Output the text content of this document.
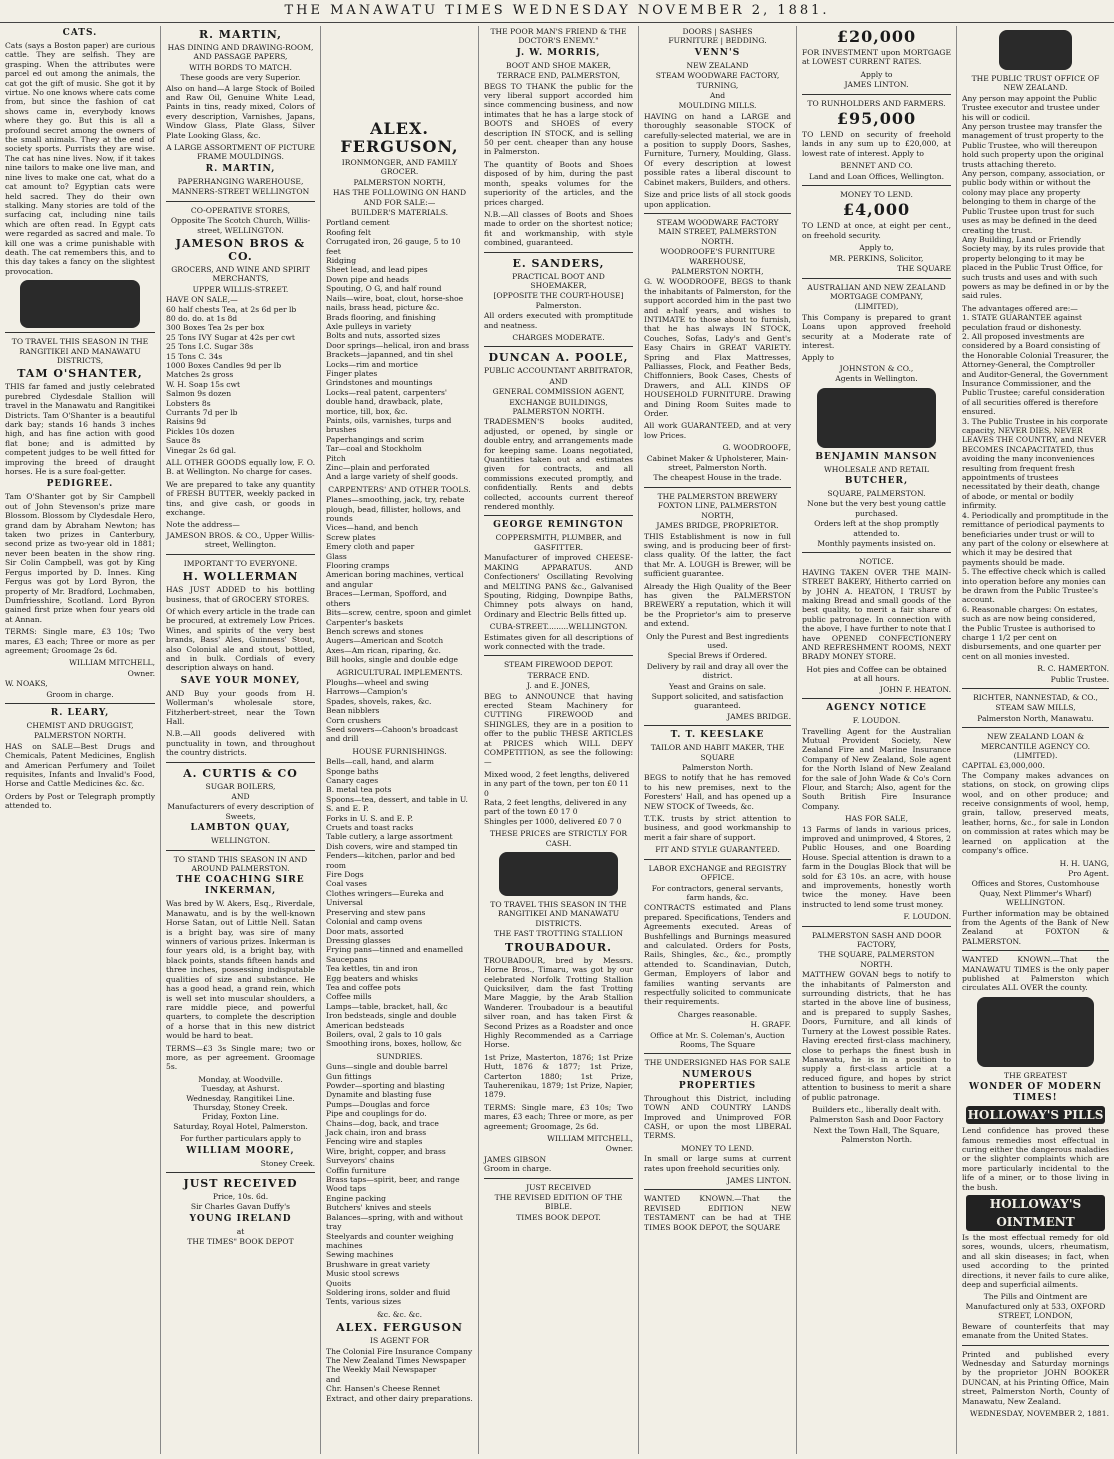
THE MANAWATU TIMES WEDNESDAY NOVEMBER 2, 1881.
CATS.
Cats (says a Boston paper) are curious cattle. They are selfish. They are grasping. When the attributes were parcel ed out among the animals, the cat got the gift of music. She got it by virtue. No one knows where cats come from, but since the fashion of cat shows came in, everybody knows where they go. But this is all a profound secret among the owners of the small animals. They at the end of society sports. Purrists they are wise. The cat has nine lives. Now, if it takes nine tailors to make one live man, and nine lives to make one cat, what do a cat amount to? Egyptian cats were held sacred. They do their own stalking. Many stories are told of the surfacing cat, including nine tails which are often read. In Egypt cats were regarded as sacred and male. To kill one was a crime punishable with death. The cat remembers this, and to this day takes a fancy on the slightest provocation.
TO TRAVEL THIS SEASON IN THE RANGITIKEI AND MANAWATU DISTRICTS,
TAM O'SHANTER,
THIS far famed and justly celebrated purebred Clydesdale Stallion will travel in the Manawatu and Rangitikei Districts. Tam O'Shanter is a beautiful dark bay; stands 16 hands 3 inches high, and has fine action with good flat bone; and is admitted by competent judges to be well fitted for improving the breed of draught horses. He is a sure foal-getter.
PEDIGREE.
Tam O'Shanter got by Sir Campbell out of John Stevenson's prize mare Blossom. Blossom by Clydesdale Hero, grand dam by Abraham Newton; has taken two prizes in Canterbury, second prize as two-year old in 1881; never been beaten in the show ring. Sir Colin Campbell, was got by King Fergus imported by D. Innes. King Fergus was got by Lord Byron, the property of Mr. Bradford, Lochmaben, Dumfriesshire, Scotland. Lord Byron gained first prize when four years old at Annan.
TERMS: Single mare, £3 10s; Two mares, £3 each; Three or more as per agreement; Groomage 2s 6d.
WILLIAM MITCHELL,
Owner.
W. NOAKS,
Groom in charge.
R. LEARY,
CHEMIST AND DRUGGIST,
PALMERSTON NORTH.
HAS on SALE—Best Drugs and Chemicals, Patent Medicines, English and American Perfumery and Toilet requisites, Infants and Invalid's Food, Horse and Cattle Medicines &c. &c.
Orders by Post or Telegraph promptly attended to.
R. MARTIN,
HAS DINING AND DRAWING-ROOM, AND PASSAGE PAPERS,
WITH BORDS TO MATCH.
These goods are very Superior.
Also on hand—A large Stock of Boiled and Raw Oil, Genuine White Lead, Paints in tins, ready mixed, Colors of every description, Varnishes, Japans, Window Glass, Plate Glass, Silver Plate Looking Glass, &c.
A LARGE ASSORTMENT OF PICTURE FRAME MOULDINGS.
R. MARTIN,
PAPERHANGING WAREHOUSE,
MANNERS-STREET WELLINGTON
CO-OPERATIVE STORES,
Opposite The Scotch Church, Willis-street, WELLINGTON.
JAMESON BROS & CO.
GROCERS, AND WINE AND SPIRIT MERCHANTS,
UPPER WILLIS-STREET.
HAVE ON SALE,—
60 half chests Tea, at 2s 6d per lb
80 do. do. at 1s 8d
300 Boxes Tea 2s per box
25 Tons IVY Sugar at 42s per cwt
25 Tons I.C. Sugar 38s
15 Tons C. 34s
1000 Boxes Candles 9d per lb
Matches 2s gross
W. H. Soap 15s cwt
Salmon 9s dozen
Lobsters 8s
Currants 7d per lb
Raisins 9d
Pickles 10s dozen
Sauce 8s
Vinegar 2s 6d gal.
ALL OTHER GOODS equally low, F. O. B. at Wellington. No charge for cases.
We are prepared to take any quantity of FRESH BUTTER, weekly packed in tins, and give cash, or goods in exchange.
Note the address—
JAMESON BROS. & CO., Upper Willis-street, Wellington.
IMPORTANT TO EVERYONE.
H. WOLLERMAN
HAS JUST ADDED to his bottling business, that of GROCERY STORES.
Of which every article in the trade can be procured, at extremely Low Prices. Wines, and spirits of the very best brands, Bass' Ales, Guinness' Stout, also Colonial ale and stout, bottled, and in bulk. Cordials of every description always on hand.
SAVE YOUR MONEY,
AND Buy your goods from H. Wollerman's wholesale store, Fitzherbert-street, near the Town Hall.
N.B.—All goods delivered with punctuality in town, and throughout the country districts.
A. CURTIS & CO
SUGAR BOILERS,
AND
Manufacturers of every description of Sweets,
LAMBTON QUAY,
WELLINGTON.
TO STAND THIS SEASON IN AND AROUND PALMERSTON.
THE COACHING SIRE INKERMAN,
Was bred by W. Akers, Esq., Riverdale, Manawatu, and is by the well-known Horse Satan, out of Little Nell. Satan is a bright bay, was sire of many winners of various prizes. Inkerman is four years old, is a bright bay, with black points, stands fifteen hands and three inches, possessing indisputable qualities of size and substance. He has a good head, a grand rein, which is well set into muscular shoulders, a rare middle piece, and powerful quarters, to complete the description of a horse that in this new district would be hard to beat.
TERMS—£3 3s Single mare; two or more, as per agreement. Groomage 5s.
Monday, at Woodville.
Tuesday, at Ashurst.
Wednesday, Rangitikei Line.
Thursday, Stoney Creek.
Friday, Foxton Line.
Saturday, Royal Hotel, Palmerston.
For further particulars apply to
WILLIAM MOORE,
Stoney Creek.
JUST RECEIVED
Price, 10s. 6d.
Sir Charles Gavan Duffy's
YOUNG IRELAND
at
THE TIMES" BOOK DEPOT
ALEX. FERGUSON,
IRONMONGER, AND FAMILY GROCER.
PALMERSTON NORTH,
HAS THE FOLLOWING ON HAND AND FOR SALE:—
BUILDER'S MATERIALS.
Portland cement
Roofing felt
Corrugated iron, 26 gauge, 5 to 10 feet
Ridging
Sheet lead, and lead pipes
Down pipe and heads
Spouting, O G, and half round
Nails—wire, boat, clout, horse-shoe nails, brass head, picture &c.
Brads flooring, and finishing
Axle pulleys in variety
Bolts and nuts, assorted sizes
Door springs—helical, iron and brass
Brackets—japanned, and tin shel
Locks—rim and mortice
Finger plates
Grindstones and mountings
Locks—real patent, carpenters' double hand, drawback, plate, mortice, till, box, &c.
Paints, oils, varnishes, turps and brushes
Paperhangings and scrim
Tar—coal and Stockholm
Pitch
Zinc—plain and perforated
And a large variety of shelf goods.
CARPENTERS' AND OTHER TOOLS.
Planes—smoothing, jack, try, rebate plough, bead, fillister, hollows, and rounds
Vices—hand, and bench
Screw plates
Emery cloth and paper
Glass
Flooring cramps
American boring machines, vertical and angular
Braces—Lerman, Spofford, and others
Bits—screw, centre, spoon and gimlet
Carpenter's baskets
Bench screws and stones
Augers—American and Scotch
Axes—Am rican, riparing, &c.
Bill hooks, single and double edge
AGRICULTURAL IMPLEMENTS.
Ploughs—wheel and swing
Harrows—Campion's
Spades, shovels, rakes, &c.
Bean nibblers
Corn crushers
Seed sowers—Cahoon's broadcast and drill
HOUSE FURNISHINGS.
Bells—call, hand, and alarm
Sponge baths
Canary cages
B. metal tea pots
Spoons—tea, dessert, and table in U. S. and E. P.
Forks in U. S. and E. P.
Cruets and toast racks
Table cutlery, a large assortment
Dish covers, wire and stamped tin
Fenders—kitchen, parlor and bed room
Fire Dogs
Coal vases
Clothes wringers—Eureka and Universal
Preserving and stew pans
Colonial and camp ovens
Door mats, assorted
Dressing glasses
Frying pans—tinned and enamelled
Saucepans
Tea kettles, tin and iron
Egg beaters and whisks
Tea and coffee pots
Coffee mills
Lamps—table, bracket, hall, &c
Iron bedsteads, single and double
American bedsteads
Boilers, oval, 2 gals to 10 gals
Smoothing irons, boxes, hollow, &c
SUNDRIES.
Guns—single and double barrel
Gun fittings
Powder—sporting and blasting
Dynamite and blasting fuse
Pumps—Douglas and force
Pipe and couplings for do.
Chains—dog, back, and trace
Jack chain, iron and brass
Fencing wire and staples
Wire, bright, copper, and brass
Surveyors' chains
Coffin furniture
Brass taps—spirit, beer, and range
Wood taps
Engine packing
Butchers' knives and steels
Balances—spring, with and without tray
Steelyards and counter weighing machines
Sewing machines
Brushware in great variety
Music stool screws
Quoits
Soldering irons, solder and fluid
Tents, various sizes
&c. &c. &c.
ALEX. FERGUSON
IS AGENT FOR
The Colonial Fire Insurance Company
The New Zealand Times Newspaper
The Weekly Mail Newspaper
and
Chr. Hansen's Cheese Rennet Extract, and other dairy preparations.
THE POOR MAN'S FRIEND & THE DOCTOR'S ENEMY."
J. W. MORRIS,
BOOT AND SHOE MAKER,
TERRACE END, PALMERSTON,
BEGS TO THANK the public for the very liberal support accorded him since commencing business, and now intimates that he has a large stock of BOOTS and SHOES of every description IN STOCK, and is selling 50 per cent. cheaper than any house in Palmerston.
The quantity of Boots and Shoes disposed of by him, during the past month, speaks volumes for the superiority of the articles, and the prices charged.
N.B.—All classes of Boots and Shoes made to order on the shortest notice; fit and workmanship, with style combined, guaranteed.
E. SANDERS,
PRACTICAL BOOT AND SHOEMAKER,
[OPPOSITE THE COURT-HOUSE] Palmerston.
All orders executed with promptitude and neatness.
CHARGES MODERATE.
DUNCAN A. POOLE,
PUBLIC ACCOUNTANT ARBITRATOR,
AND
GENERAL COMMISSION AGENT,
EXCHANGE BUILDINGS, PALMERSTON NORTH.
TRADESMEN'S books audited, adjusted, or opened, by single or double entry, and arrangements made for keeping same. Loans negotiated, Quantities taken out and estimates given for contracts, and all commissions executed promptly, and confidentially. Rents and debts collected, accounts current thereof rendered monthly.
GEORGE REMINGTON
COPPERSMITH, PLUMBER, and GASFITTER.
Manufacturer of improved CHEESE-MAKING APPARATUS. AND Confectioners' Oscillating Revolving and MELTING PANS &c., Galvanised Spouting, Ridging, Downpipe Baths, Chimney pots always on hand, Ordinary and Electric Bells fitted up.
CUBA-STREET.........WELLINGTON.
Estimates given for all descriptions of work connected with the trade.
STEAM FIREWOOD DEPOT.
TERRACE END.
J. and E. JONES,
BEG to ANNOUNCE that having erected Steam Machinery for CUTTING FIREWOOD and SHINGLES, they are in a position to offer to the public THESE ARTICLES at PRICES which WILL DEFY COMPETITION, as see the following:—
Mixed wood, 2 feet lengths, delivered in any part of the town, per ton £0 11 0
Rata, 2 feet lengths, delivered in any part of the town £0 17 0
Shingles per 1000, delivered £0 7 0
THESE PRICES are STRICTLY FOR CASH.
TO TRAVEL THIS SEASON IN THE RANGITIKEI AND MANAWATU DISTRICTS.
THE FAST TROTTING STALLION
TROUBADOUR.
TROUBADOUR, bred by Messrs. Horne Bros., Timaru, was got by our celebrated Norfolk Trotting Stallion Quicksilver, dam the fast Trotting Mare Maggie, by the Arab Stallion Wanderer. Troubadour is a beautiful silver roan, and has taken First & Second Prizes as a Roadster and once Highly Recommended as a Carriage Horse.
1st Prize, Masterton, 1876; 1st Prize Hutt, 1876 & 1877; 1st Prize, Carterton 1880; 1st Prize, Tauherenikau, 1879; 1st Prize, Napier, 1879.
TERMS: Single mare, £3 10s; Two mares, £3 each; Three or more, as per agreement; Groomage, 2s 6d.
WILLIAM MITCHELL,
Owner.
JAMES GIBSON
Groom in charge.
JUST RECEIVED
THE REVISED EDITION OF THE BIBLE.
TIMES BOOK DEPOT.
DOORS | SASHES
FURNITURE | BEDDING.
VENN'S
NEW ZEALAND
STEAM WOODWARE FACTORY, TURNING,
And
MOULDING MILLS.
HAVING on hand a LARGE and thoroughly seasonable STOCK of carefully-selected material, we are in a position to supply Doors, Sashes, Furniture, Turnery, Moulding, Glass. Of every description at lowest possible rates a liberal discount to Cabinet makers, Builders, and others.
Size and price lists of all stock goods upon application.
STEAM WOODWARE FACTORY MAIN STREET, PALMERSTON NORTH.
WOODROOFE'S FURNITURE WAREHOUSE,
PALMERSTON NORTH,
G. W. WOODROOFE, BEGS to thank the inhabitants of Palmerston, for the support accorded him in the past two and a-half years, and wishes to INTIMATE to those about to furnish, that he has always IN STOCK, Couches, Sofas, Lady's and Gent's Easy Chairs in GREAT VARIETY. Spring and Flax Mattresses, Palliasses, Flock, and Feather Beds, Chiffonniers, Book Cases, Chests of Drawers, and ALL KINDS OF HOUSEHOLD FURNITURE. Drawing and Dining Room Suites made to Order.
All work GUARANTEED, and at very low Prices.
G. WOODROOFE,
Cabinet Maker & Upholsterer, Main-street, Palmerston North.
The cheapest House in the trade.
THE PALMERSTON BREWERY FOXTON LINE, PALMERSTON NORTH,
JAMES BRIDGE, PROPRIETOR.
THIS Establishment is now in full swing, and is producing beer of first-class quality. Of the latter, the fact that Mr. A. LOUGH is Brewer, will be sufficient guarantee.
Already the High Quality of the Beer has given the PALMERSTON BREWERY a reputation, which it will be the Proprietor's aim to preserve and extend.
Only the Purest and Best ingredients used.
Special Brews if Ordered.
Delivery by rail and dray all over the district.
Yeast and Grains on sale.
Support solicited, and satisfaction guaranteed.
JAMES BRIDGE.
T. T. KEESLAKE
TAILOR AND HABIT MAKER, THE SQUARE
Palmerston North.
BEGS to notify that he has removed to his new premises, next to the Foresters' Hall, and has opened up a NEW STOCK of Tweeds, &c.
T.T.K. trusts by strict attention to business, and good workmanship to merit a fair share of support.
FIT AND STYLE GUARANTEED.
LABOR EXCHANGE and REGISTRY OFFICE.
For contractors, general servants, farm hands, &c.
CONTRACTS estimated and Plans prepared. Specifications, Tenders and Agreements executed. Areas of Bushfellings and Burnings measured and calculated. Orders for Posts, Rails, Shingles, &c., &c., promptly attended to. Scandinavian, Dutch, German, Employers of labor and families wanting servants are respectfully solicited to communicate their requirements.
Charges reasonable.
H. GRAFF.
Office at Mr. S. Coleman's, Auction Rooms, The Square
THE UNDERSIGNED HAS FOR SALE
NUMEROUS PROPERTIES
Throughout this District, including TOWN AND COUNTRY LANDS Improved and Unimproved FOR CASH, or upon the most LIBERAL TERMS.
MONEY TO LEND.
In small or large sums at current rates upon freehold securities only.
JAMES LINTON.
WANTED KNOWN.—That the REVISED EDITION NEW TESTAMENT can be had at THE TIMES BOOK DEPOT, the SQUARE
£20,000
FOR INVESTMENT upon MORTGAGE at LOWEST CURRENT RATES.
Apply to
JAMES LINTON.
TO RUNHOLDERS AND FARMERS.
£95,000
TO LEND on security of freehold lands in any sum up to £20,000, at lowest rate of interest. Apply to
BENNET AND CO.
Land and Loan Offices, Wellington.
MONEY TO LEND.
£4,000
TO LEND at once, at eight per cent., on freehold security.
Apply to,
MR. PERKINS, Solicitor,
THE SQUARE
AUSTRALIAN AND NEW ZEALAND MORTGAGE COMPANY,
(LIMITED),
This Company is prepared to grant Loans upon approved freehold security at a Moderate rate of interest.
Apply to
JOHNSTON & CO.,
Agents in Wellington.
BENJAMIN MANSON
WHOLESALE AND RETAIL
BUTCHER,
SQUARE, PALMERSTON.
None but the very best young cattle purchased.
Orders left at the shop promptly attended to.
Monthly payments insisted on.
NOTICE.
HAVING TAKEN OVER THE MAIN-STREET BAKERY, Hitherto carried on by JOHN A. HEATON, I TRUST by making Bread and small goods of the best quality, to merit a fair share of public patronage. In connection with the above, I have further to note that I have OPENED CONFECTIONERY AND REFRESHMENT ROOMS, NEXT BRADY MONEY STORE.
Hot pies and Coffee can be obtained at all hours.
JOHN F. HEATON.
AGENCY NOTICE
F. LOUDON.
Travelling Agent for the Australian Mutual Provident Society, New Zealand Fire and Marine Insurance Company of New Zealand, Sole agent for the North Island of New Zealand for the sale of John Wade & Co's Corn Flour, and Starch; Also, agent for the South British Fire Insurance Company.
HAS FOR SALE,
13 Farms of lands in various prices, improved and unimproved, 4 Stores, 2 Public Houses, and one Boarding House. Special attention is drawn to a farm in the Douglas Block that will be sold for £3 10s. an acre, with house and improvements, honestly worth twice the money. Have been instructed to lend some trust money.
F. LOUDON.
PALMERSTON SASH AND DOOR FACTORY,
THE SQUARE, PALMERSTON NORTH.
MATTHEW GOVAN begs to notify to the inhabitants of Palmerston and surrounding districts, that he has started in the above line of business, and is prepared to supply Sashes, Doors, Furniture, and all kinds of Turnery at the Lowest possible Rates. Having erected first-class machinery, close to perhaps the finest bush in Manawatu, he is in a position to supply a first-class article at a reduced figure, and hopes by strict attention to business to merit a share of public patronage.
Builders etc., liberally dealt with.
Palmerston Sash and Door Factory
Next the Town Hall, The Square, Palmerston North.
THE PUBLIC TRUST OFFICE OF NEW ZEALAND.
Any person may appoint the Public Trustee executor and trustee under his will or codicil.
Any person trustee may transfer the management of trust property to the Public Trustee, who will thereupon hold such property upon the original trusts attaching thereto.
Any person, company, association, or public body within or without the colony may place any property belonging to them in charge of the Public Trustee upon trust for such uses as may be defined in the deed creating the trust.
Any Building, Land or Friendly Society may, by its rules provide that property belonging to it may be placed in the Public Trust Office, for such trusts and uses and with such powers as may be defined in or by the said rules.
The advantages offered are:—
1. STATE GUARANTEE against peculation fraud or dishonesty.
2. All proposed investments are considered by a Board consisting of the Honorable Colonial Treasurer, the Attorney-General, the Comptroller and Auditor-General, the Government Insurance Commissioner, and the Public Trustee; careful consideration of all securities offered is therefore ensured.
3. The Public Trustee in his corporate capacity, NEVER DIES, NEVER LEAVES THE COUNTRY, and NEVER BECOMES INCAPACITATED, thus avoiding the many inconveniences resulting from frequent fresh appointments of trustees necessitated by their death, change of abode, or mental or bodily infirmity.
4. Periodically and promptitude in the remittance of periodical payments to beneficiaries under trust or will to any part of the colony or elsewhere at which it may be desired that payments should be made.
5. The effective check which is called into operation before any monies can be drawn from the Public Trustee's account.
6. Reasonable charges: On estates, such as are now being considered, the Public Trustee is authorised to charge 1 1/2 per cent on disbursements, and one quarter per cent on all monies invested.
R. C. HAMERTON.
Public Trustee.
RICHTER, NANNESTAD, & CO.,
STEAM SAW MILLS,
Palmerston North, Manawatu.
NEW ZEALAND LOAN & MERCANTILE AGENCY CO. (LIMITED).
CAPITAL £3,000,000.
The Company makes advances on stations, on stock, on growing clips wool, and on other produce; and receive consignments of wool, hemp, grain, tallow, preserved meats, leather, horns, &c., for sale in London on commission at rates which may be learned on application at the company's office.
H. H. UANG,
Pro Agent.
Offices and Stores, Customhouse Quay, Next Plimmer's Wharf) WELLINGTON.
Further information may be obtained from the Agents of the Bank of New Zealand at FOXTON & PALMERSTON.
WANTED KNOWN.—That the MANAWATU TIMES is the only paper published at Palmerston which circulates ALL OVER the county.
THE GREATEST
WONDER OF MODERN TIMES!
HOLLOWAY'S PILLS
Lend confidence has proved these famous remedies most effectual in curing either the dangerous maladies or the slighter complaints which are more particularly incidental to the life of a miner, or to those living in the bush.
HOLLOWAY'S OINTMENT
Is the most effectual remedy for old sores, wounds, ulcers, rheumatism, and all skin diseases; in fact, when used according to the printed directions, it never fails to cure alike, deep and superficial ailments.
The Pills and Ointment are Manufactured only at 533, OXFORD STREET, LONDON,
Beware of counterfeits that may emanate from the United States.
Printed and published every Wednesday and Saturday mornings by the proprietor JOHN BOOKER DUNCAN, at his Printing Office, Main street, Palmerston North, County of Manawatu, New Zealand.
WEDNESDAY, NOVEMBER 2, 1881.
